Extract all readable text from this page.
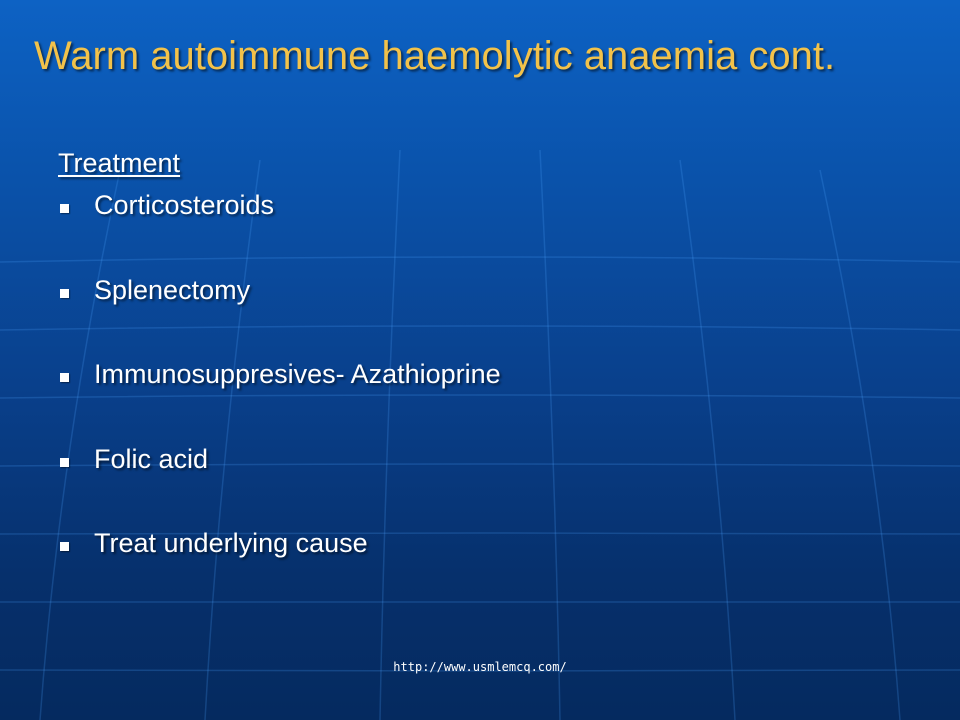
Warm autoimmune haemolytic anaemia cont.
Treatment
Corticosteroids
Splenectomy
Immunosuppresives- Azathioprine
Folic acid
Treat underlying cause
http://www.usmlemcq.com/
